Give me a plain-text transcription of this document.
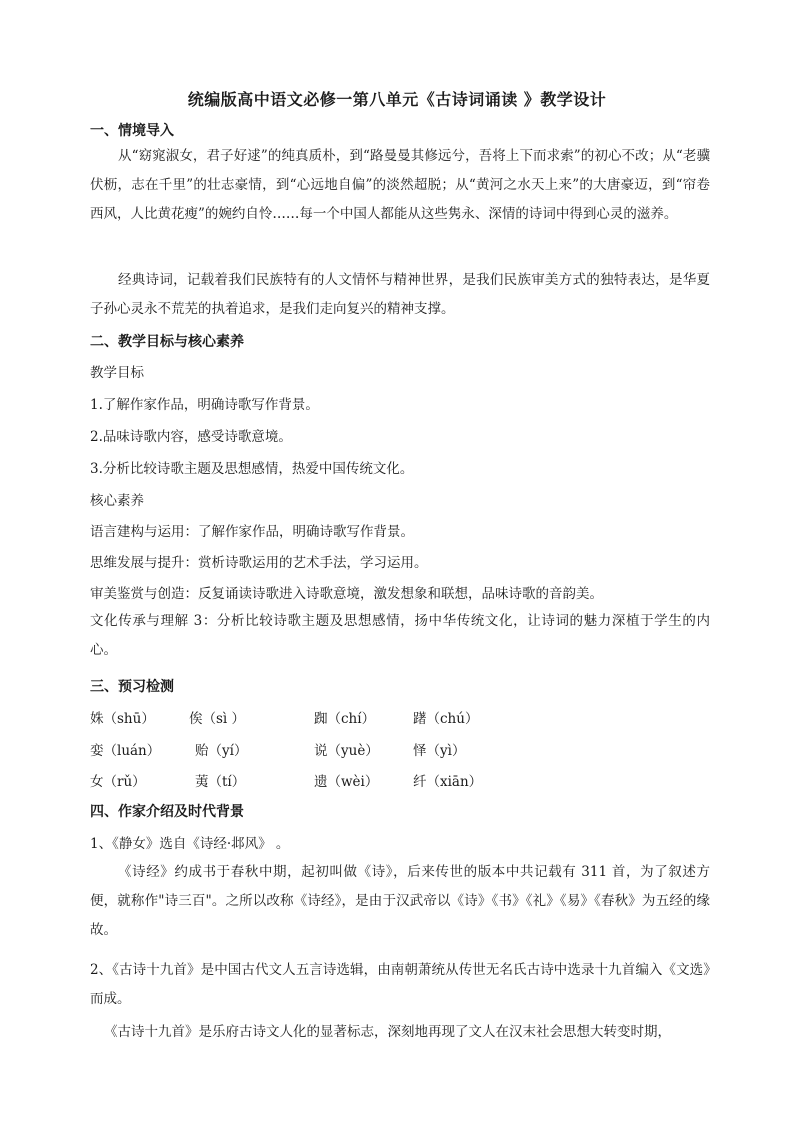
统编版高中语文必修一第八单元《古诗词诵读 》教学设计
一、情境导入
从“窈窕淑女，君子好逑”的纯真质朴，到“路曼曼其修远兮，吾将上下而求索”的初心不改；从“老骥伏枥，志在千里”的壮志豪情，到“心远地自偏”的淡然超脱；从“黄河之水天上来”的大唐豪迈，到“帘卷西风，人比黄花瘦”的婉约自怜……每一个中国人都能从这些隽永、深情的诗词中得到心灵的滋养。
经典诗词，记载着我们民族特有的人文情怀与精神世界，是我们民族审美方式的独特表达，是华夏子孙心灵永不荒芜的执着追求，是我们走向复兴的精神支撑。
二、教学目标与核心素养
教学目标
1.了解作家作品，明确诗歌写作背景。
2.品味诗歌内容，感受诗歌意境。
3.分析比较诗歌主题及思想感情，热爱中国传统文化。
核心素养
语言建构与运用：了解作家作品，明确诗歌写作背景。
思维发展与提升：赏析诗歌运用的艺术手法，学习运用。
审美鉴赏与创造：反复诵读诗歌进入诗歌意境，激发想象和联想，品味诗歌的音韵美。
文化传承与理解 3：分析比较诗歌主题及思想感情，扬中华传统文化，让诗词的魅力深植于学生的内心。
三、预习检测
姝（shū）	俟（sì ）	踟（chí）	躇（chú）
娈（luán）	贻（yí）	说（yuè）	怿（yì）
女（rǔ）	荑（tí）	遗（wèi）	纤（xiān）
四、作家介绍及时代背景
1、《静女》选自《诗经·邶风》 。
《诗经》约成书于春秋中期，起初叫做《诗》，后来传世的版本中共记载有 311 首，为了叙述方便，就称作"诗三百"。之所以改称《诗经》，是由于汉武帝以《诗》《书》《礼》《易》《春秋》为五经的缘故。
2、《古诗十九首》是中国古代文人五言诗选辑，由南朝萧统从传世无名氏古诗中选录十九首编入《文选》而成。
《古诗十九首》是乐府古诗文人化的显著标志，深刻地再现了文人在汉末社会思想大转变时期，
